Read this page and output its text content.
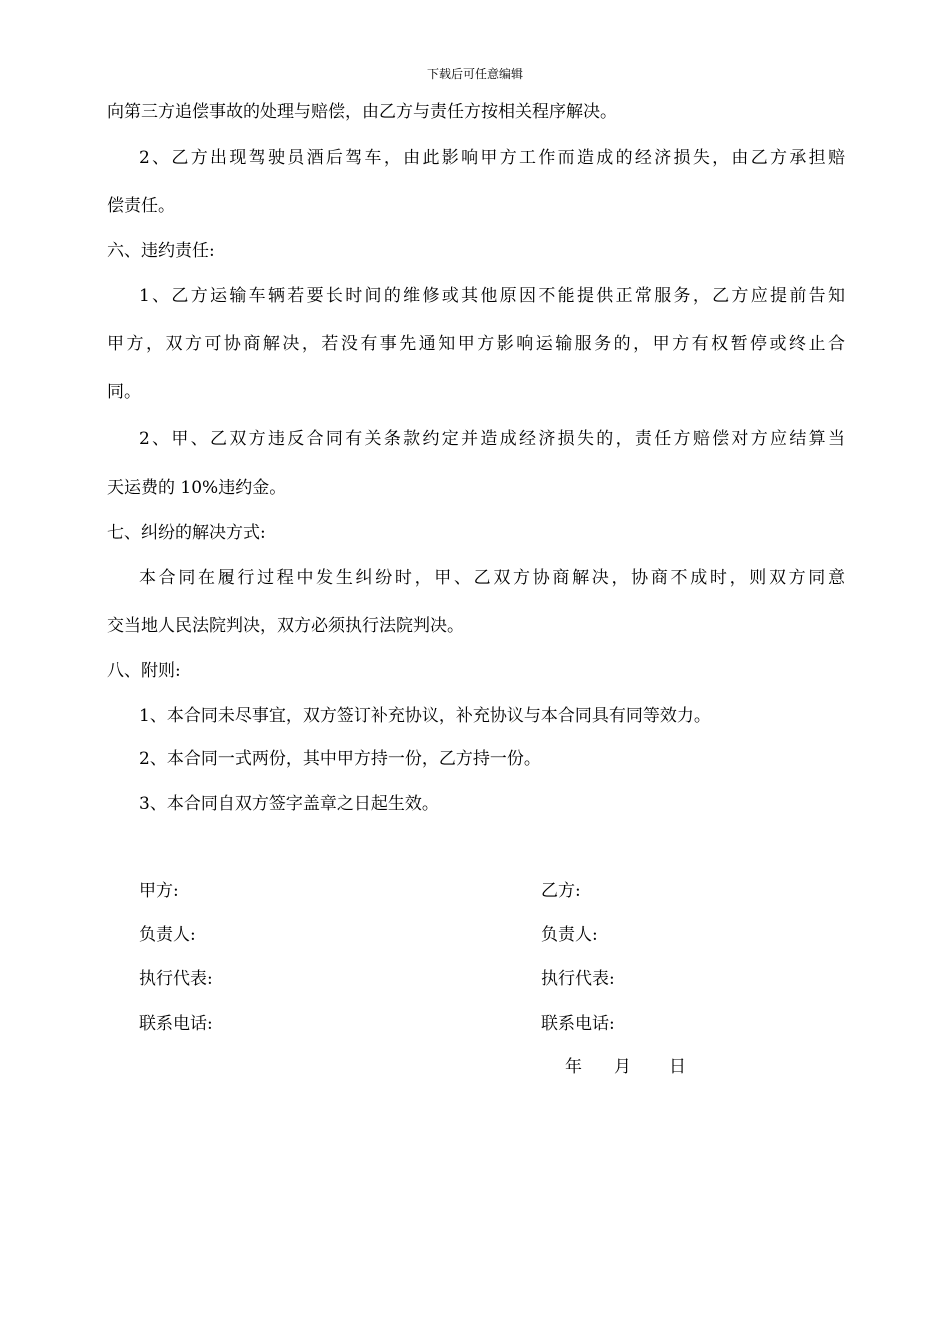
下载后可任意编辑
向第三方追偿事故的处理与赔偿，由乙方与责任方按相关程序解决。
2、乙方出现驾驶员酒后驾车，由此影响甲方工作而造成的经济损失，由乙方承担赔
偿责任。
六、违约责任:
1、乙方运输车辆若要长时间的维修或其他原因不能提供正常服务，乙方应提前告知
甲方，双方可协商解决，若没有事先通知甲方影响运输服务的，甲方有权暂停或终止合
同。
2、甲、乙双方违反合同有关条款约定并造成经济损失的，责任方赔偿对方应结算当
天运费的 10%违约金。
七、纠纷的解决方式:
本合同在履行过程中发生纠纷时，甲、乙双方协商解决，协商不成时，则双方同意
交当地人民法院判决，双方必须执行法院判决。
八、附则:
1、本合同未尽事宜，双方签订补充协议，补充协议与本合同具有同等效力。
2、本合同一式两份，其中甲方持一份，乙方持一份。
3、本合同自双方签字盖章之日起生效。
甲方:
负责人:
执行代表:
联系电话:
乙方:
负责人:
执行代表:
联系电话:
年 月 日
